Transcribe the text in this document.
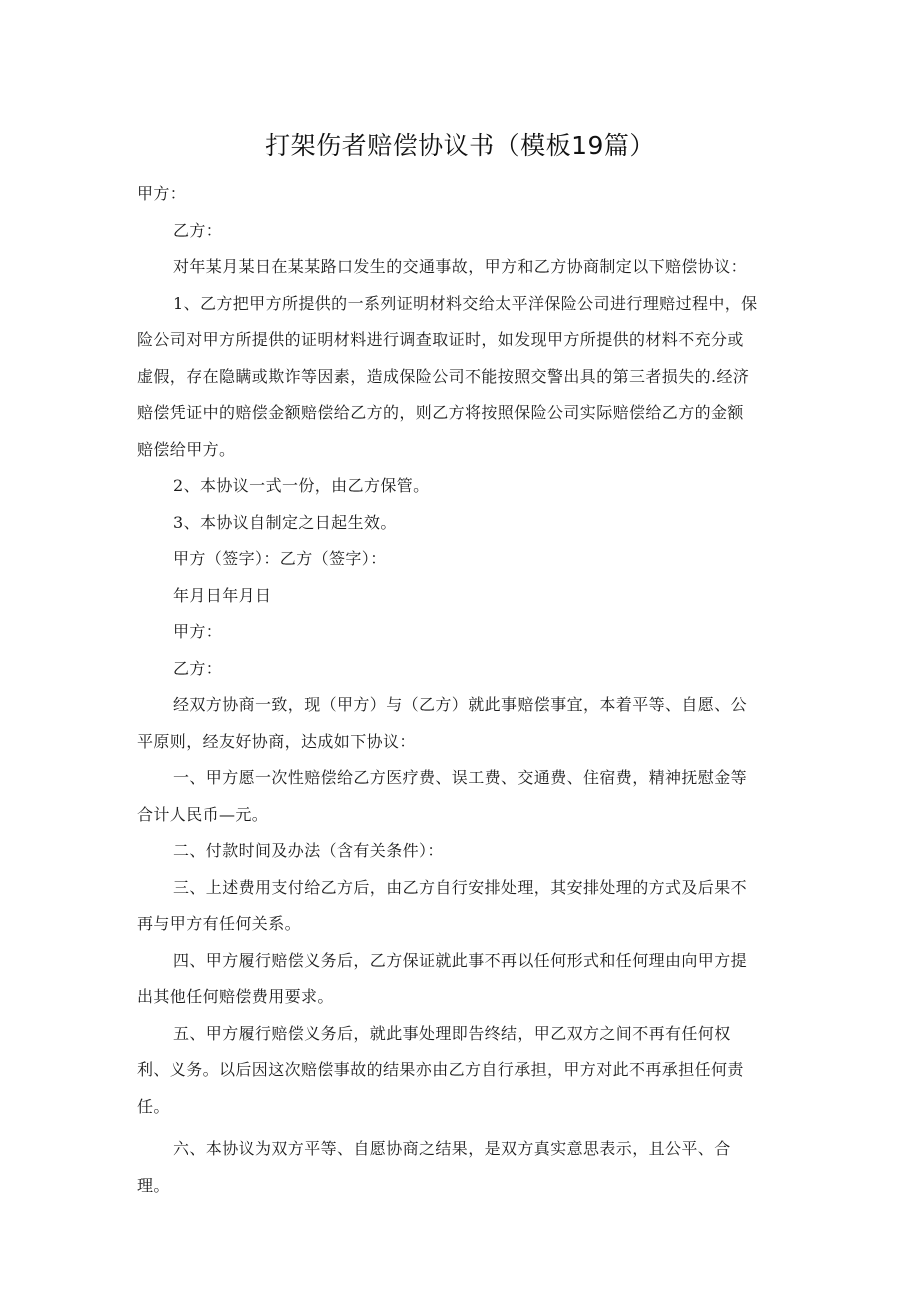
打架伤者赔偿协议书（模板19篇）
甲方：
乙方：
对年某月某日在某某路口发生的交通事故，甲方和乙方协商制定以下赔偿协议：
1、乙方把甲方所提供的一系列证明材料交给太平洋保险公司进行理赔过程中，保
险公司对甲方所提供的证明材料进行调查取证时，如发现甲方所提供的材料不充分或
虚假，存在隐瞒或欺诈等因素，造成保险公司不能按照交警出具的第三者损失的.经济
赔偿凭证中的赔偿金额赔偿给乙方的，则乙方将按照保险公司实际赔偿给乙方的金额
赔偿给甲方。
2、本协议一式一份，由乙方保管。
3、本协议自制定之日起生效。
甲方（签字）：乙方（签字）：
年月日年月日
甲方：
乙方：
经双方协商一致，现（甲方）与（乙方）就此事赔偿事宜，本着平等、自愿、公
平原则，经友好协商，达成如下协议：
一、甲方愿一次性赔偿给乙方医疗费、误工费、交通费、住宿费，精神抚慰金等
合计人民币—元。
二、付款时间及办法（含有关条件）：
三、上述费用支付给乙方后，由乙方自行安排处理，其安排处理的方式及后果不
再与甲方有任何关系。
四、甲方履行赔偿义务后，乙方保证就此事不再以任何形式和任何理由向甲方提
出其他任何赔偿费用要求。
五、甲方履行赔偿义务后，就此事处理即告终结，甲乙双方之间不再有任何权
利、义务。以后因这次赔偿事故的结果亦由乙方自行承担，甲方对此不再承担任何责
任。
六、本协议为双方平等、自愿协商之结果，是双方真实意思表示，且公平、合
理。
